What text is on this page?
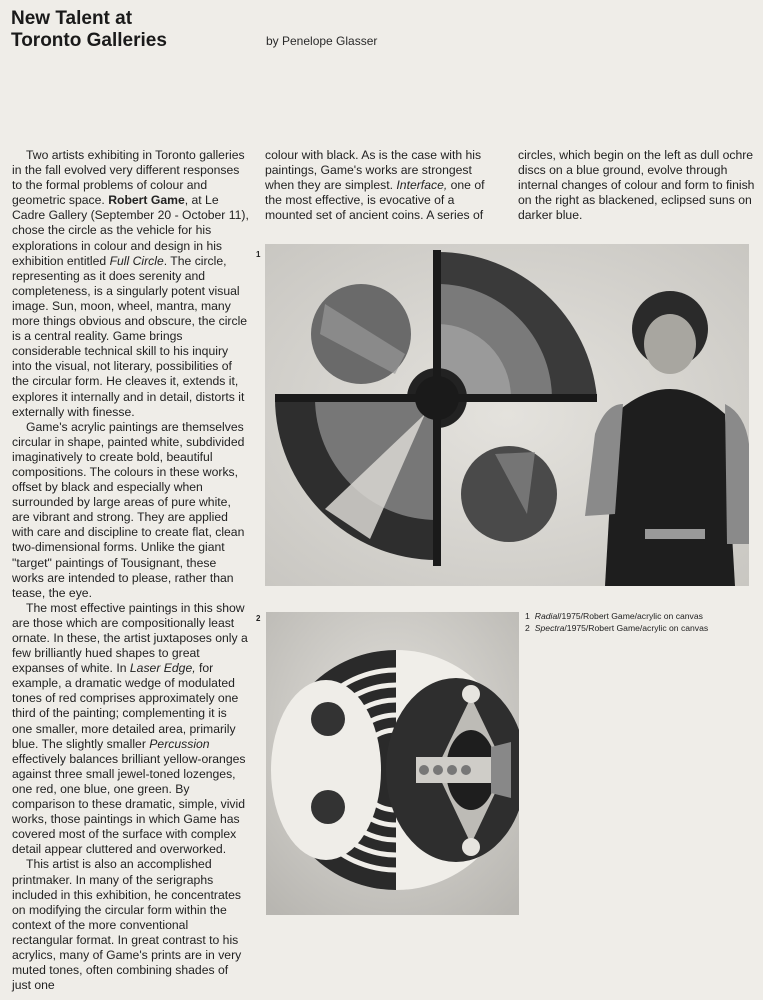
New Talent at
Toronto Galleries	by Penelope Glasser

Two artists exhibiting in Toronto galleries in the fall evolved very different responses to the formal problems of colour and geometric space. Robert Game, at Le Cadre Gallery (September 20 - October 11), chose the circle as the vehicle for his explorations in colour and design in his exhibition entitled Full Circle. The circle, representing as it does serenity and completeness, is a singularly potent visual image. Sun, moon, wheel, mantra, many more things obvious and obscure, the circle is a central reality. Game brings considerable technical skill to his inquiry into the visual, not literary, possibilities of the circular form. He cleaves it, extends it, explores it internally and in detail, distorts it externally with finesse.

Game's acrylic paintings are themselves circular in shape, painted white, subdivided imaginatively to create bold, beautiful compositions. The colours in these works, offset by black and especially when surrounded by large areas of pure white, are vibrant and strong. They are applied with care and discipline to create flat, clean two-dimensional forms. Unlike the giant "target" paintings of Tousignant, these works are intended to please, rather than tease, the eye.

The most effective paintings in this show are those which are compositionally least ornate. In these, the artist juxtaposes only a few brilliantly hued shapes to great expanses of white. In Laser Edge, for example, a dramatic wedge of modulated tones of red comprises approximately one third of the painting; complementing it is one smaller, more detailed area, primarily blue. The slightly smaller Percussion effectively balances brilliant yellow-oranges against three small jewel-toned lozenges, one red, one blue, one green. By comparison to these dramatic, simple, vivid works, those paintings in which Game has covered most of the surface with complex detail appear cluttered and overworked.

This artist is also an accomplished printmaker. In many of the serigraphs included in this exhibition, he concentrates on modifying the circular form within the context of the more conventional rectangular format. In great contrast to his acrylics, many of Game's prints are in very muted tones, often combining shades of just one

colour with black. As is the case with his paintings, Game's works are strongest when they are simplest. Interface, one of the most effective, is evocative of a mounted set of ancient coins. A series of

circles, which begin on the left as dull ochre discs on a blue ground, evolve through internal changes of colour and form to finish on the right as blackened, eclipsed suns on darker blue.

1
2	1 Radial/1975/Robert Game/acrylic on canvas
2 Spectra/1975/Robert Game/acrylic on canvas
